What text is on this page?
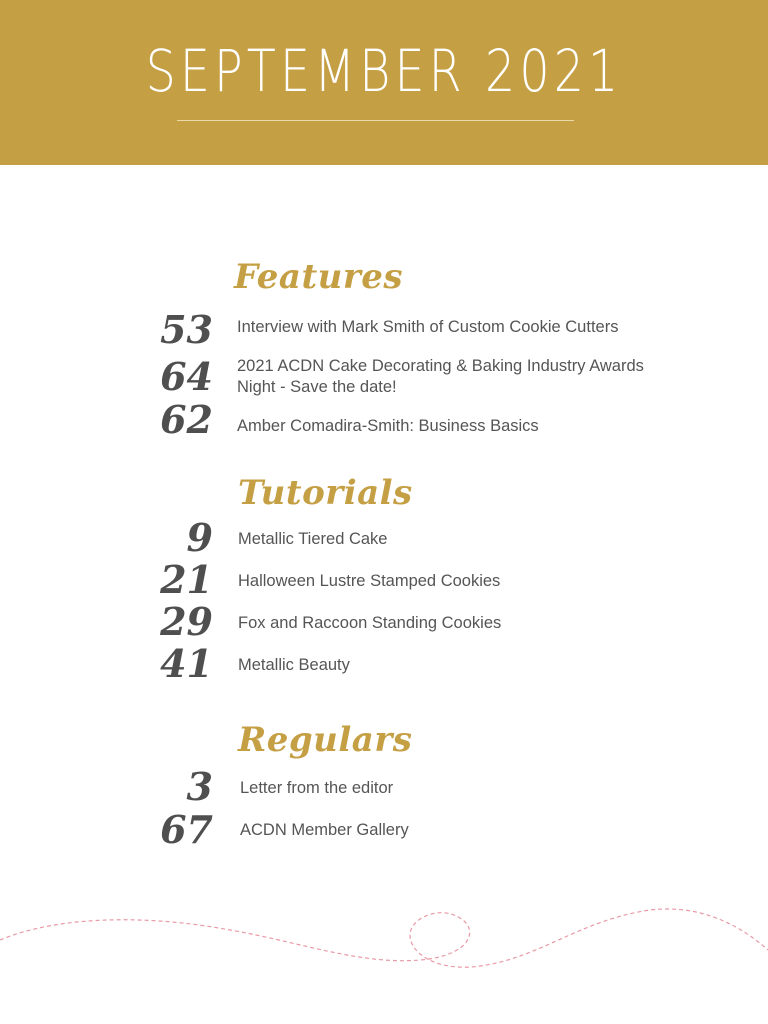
SEPTEMBER 2021
Features
53 Interview with Mark Smith of Custom Cookie Cutters
64 2021 ACDN Cake Decorating & Baking Industry Awards Night - Save the date!
62 Amber Comadira-Smith: Business Basics
Tutorials
9 Metallic Tiered Cake
21 Halloween Lustre Stamped Cookies
29 Fox and Raccoon Standing Cookies
41 Metallic Beauty
Regulars
3 Letter from the editor
67 ACDN Member Gallery
